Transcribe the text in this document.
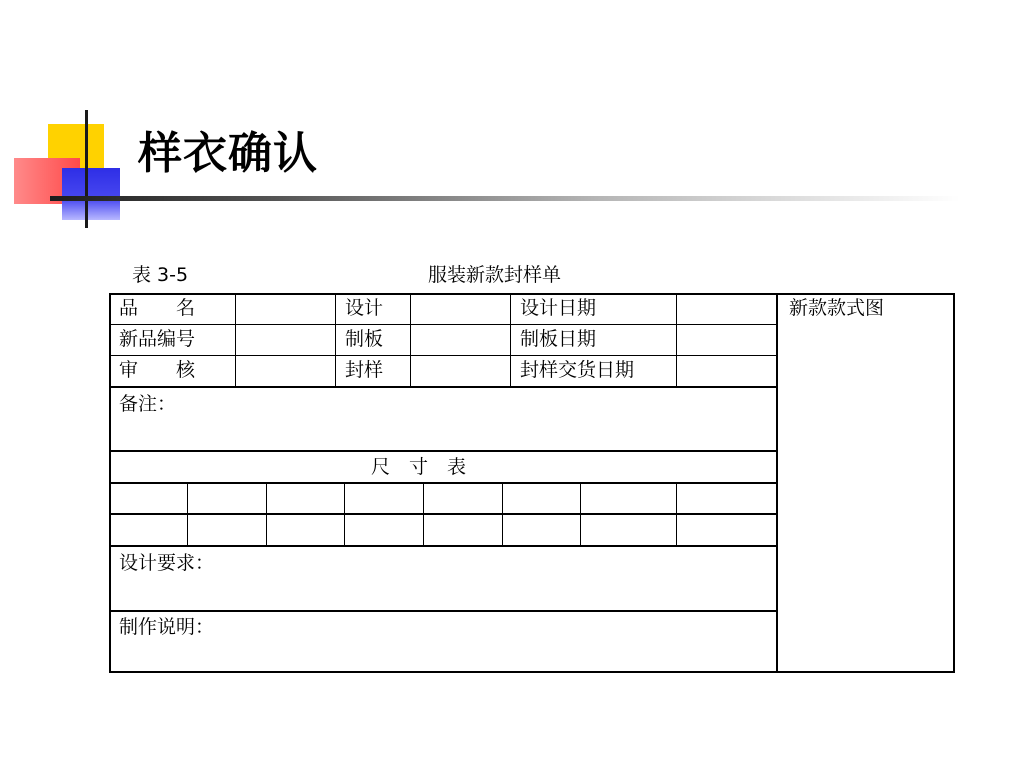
样衣确认
表 3-5	服装新款封样单
品　　名	设计	设计日期
新品编号	制板	制板日期
审　　核	封样	封样交货日期
新款款式图
备注：
尺　寸　表
设计要求：
制作说明：
